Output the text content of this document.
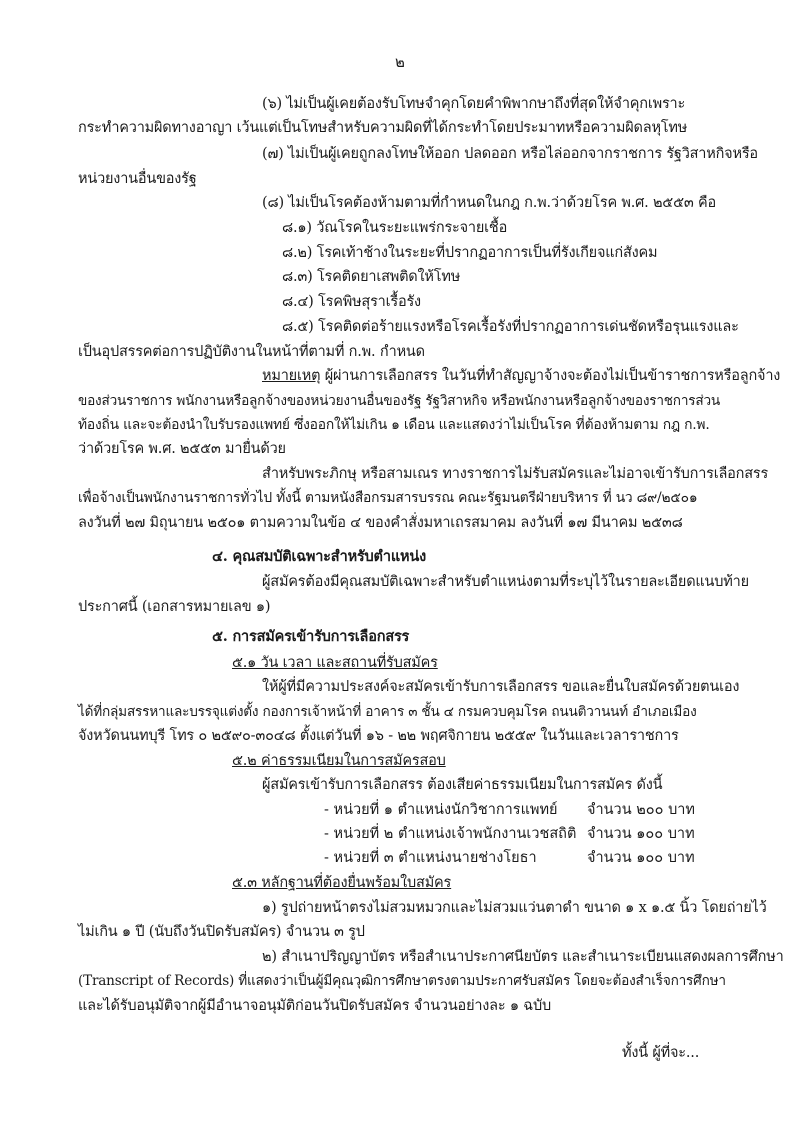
๒
(๖) ไม่เป็นผู้เคยต้องรับโทษจำคุกโดยคำพิพากษาถึงที่สุดให้จำคุกเพราะ
กระทำความผิดทางอาญา เว้นแต่เป็นโทษสำหรับความผิดที่ได้กระทำโดยประมาทหรือความผิดลหุโทษ
(๗) ไม่เป็นผู้เคยถูกลงโทษให้ออก ปลดออก หรือไล่ออกจากราชการ รัฐวิสาหกิจหรือ
หน่วยงานอื่นของรัฐ
(๘) ไม่เป็นโรคต้องห้ามตามที่กำหนดในกฎ ก.พ.ว่าด้วยโรค พ.ศ. ๒๕๕๓ คือ
๘.๑) วัณโรคในระยะแพร่กระจายเชื้อ
๘.๒) โรคเท้าช้างในระยะที่ปรากฏอาการเป็นที่รังเกียจแก่สังคม
๘.๓) โรคติดยาเสพติดให้โทษ
๘.๔) โรคพิษสุราเรื้อรัง
๘.๕) โรคติดต่อร้ายแรงหรือโรคเรื้อรังที่ปรากฏอาการเด่นชัดหรือรุนแรงและ
เป็นอุปสรรคต่อการปฏิบัติงานในหน้าที่ตามที่ ก.พ. กำหนด
หมายเหตุ ผู้ผ่านการเลือกสรร ในวันที่ทำสัญญาจ้างจะต้องไม่เป็นข้าราชการหรือลูกจ้าง
ของส่วนราชการ พนักงานหรือลูกจ้างของหน่วยงานอื่นของรัฐ รัฐวิสาหกิจ หรือพนักงานหรือลูกจ้างของราชการส่วน
ท้องถิ่น และจะต้องนำใบรับรองแพทย์ ซึ่งออกให้ไม่เกิน ๑ เดือน และแสดงว่าไม่เป็นโรค ที่ต้องห้ามตาม กฎ ก.พ.
ว่าด้วยโรค พ.ศ. ๒๕๕๓ มายื่นด้วย
สำหรับพระภิกษุ หรือสามเณร ทางราชการไม่รับสมัครและไม่อาจเข้ารับการเลือกสรร
เพื่อจ้างเป็นพนักงานราชการทั่วไป ทั้งนี้ ตามหนังสือกรมสารบรรณ คณะรัฐมนตรีฝ่ายบริหาร ที่ นว ๘๙/๒๕๐๑
ลงวันที่ ๒๗ มิถุนายน ๒๕๐๑ ตามความในข้อ ๔ ของคำสั่งมหาเถรสมาคม ลงวันที่ ๑๗ มีนาคม ๒๕๓๘
๔. คุณสมบัติเฉพาะสำหรับตำแหน่ง
ผู้สมัครต้องมีคุณสมบัติเฉพาะสำหรับตำแหน่งตามที่ระบุไว้ในรายละเอียดแนบท้าย
ประกาศนี้ (เอกสารหมายเลข ๑)
๕. การสมัครเข้ารับการเลือกสรร
๕.๑ วัน เวลา และสถานที่รับสมัคร
ให้ผู้ที่มีความประสงค์จะสมัครเข้ารับการเลือกสรร ขอและยื่นใบสมัครด้วยตนเอง
ได้ที่กลุ่มสรรหาและบรรจุแต่งตั้ง กองการเจ้าหน้าที่ อาคาร ๓ ชั้น ๔ กรมควบคุมโรค ถนนติวานนท์ อำเภอเมือง
จังหวัดนนทบุรี โทร ๐ ๒๕๙๐-๓๐๔๘ ตั้งแต่วันที่ ๑๖ - ๒๒ พฤศจิกายน ๒๕๕๙ ในวันและเวลาราชการ
๕.๒ ค่าธรรมเนียมในการสมัครสอบ
ผู้สมัครเข้ารับการเลือกสรร ต้องเสียค่าธรรมเนียมในการสมัคร ดังนี้
- หน่วยที่ ๑ ตำแหน่งนักวิชาการแพทย์ จำนวน ๒๐๐ บาท
- หน่วยที่ ๒ ตำแหน่งเจ้าพนักงานเวชสถิติ จำนวน ๑๐๐ บาท
- หน่วยที่ ๓ ตำแหน่งนายช่างโยธา	จำนวน ๑๐๐ บาท
๕.๓ หลักฐานที่ต้องยื่นพร้อมใบสมัคร
๑) รูปถ่ายหน้าตรงไม่สวมหมวกและไม่สวมแว่นตาดำ ขนาด ๑ x ๑.๕ นิ้ว โดยถ่ายไว้
ไม่เกิน ๑ ปี (นับถึงวันปิดรับสมัคร) จำนวน ๓ รูป
๒) สำเนาปริญญาบัตร หรือสำเนาประกาศนียบัตร และสำเนาระเบียนแสดงผลการศึกษา
(Transcript of Records) ที่แสดงว่าเป็นผู้มีคุณวุฒิการศึกษาตรงตามประกาศรับสมัคร โดยจะต้องสำเร็จการศึกษา
และได้รับอนุมัติจากผู้มีอำนาจอนุมัติก่อนวันปิดรับสมัคร จำนวนอย่างละ ๑ ฉบับ
ทั้งนี้ ผู้ที่จะ...
